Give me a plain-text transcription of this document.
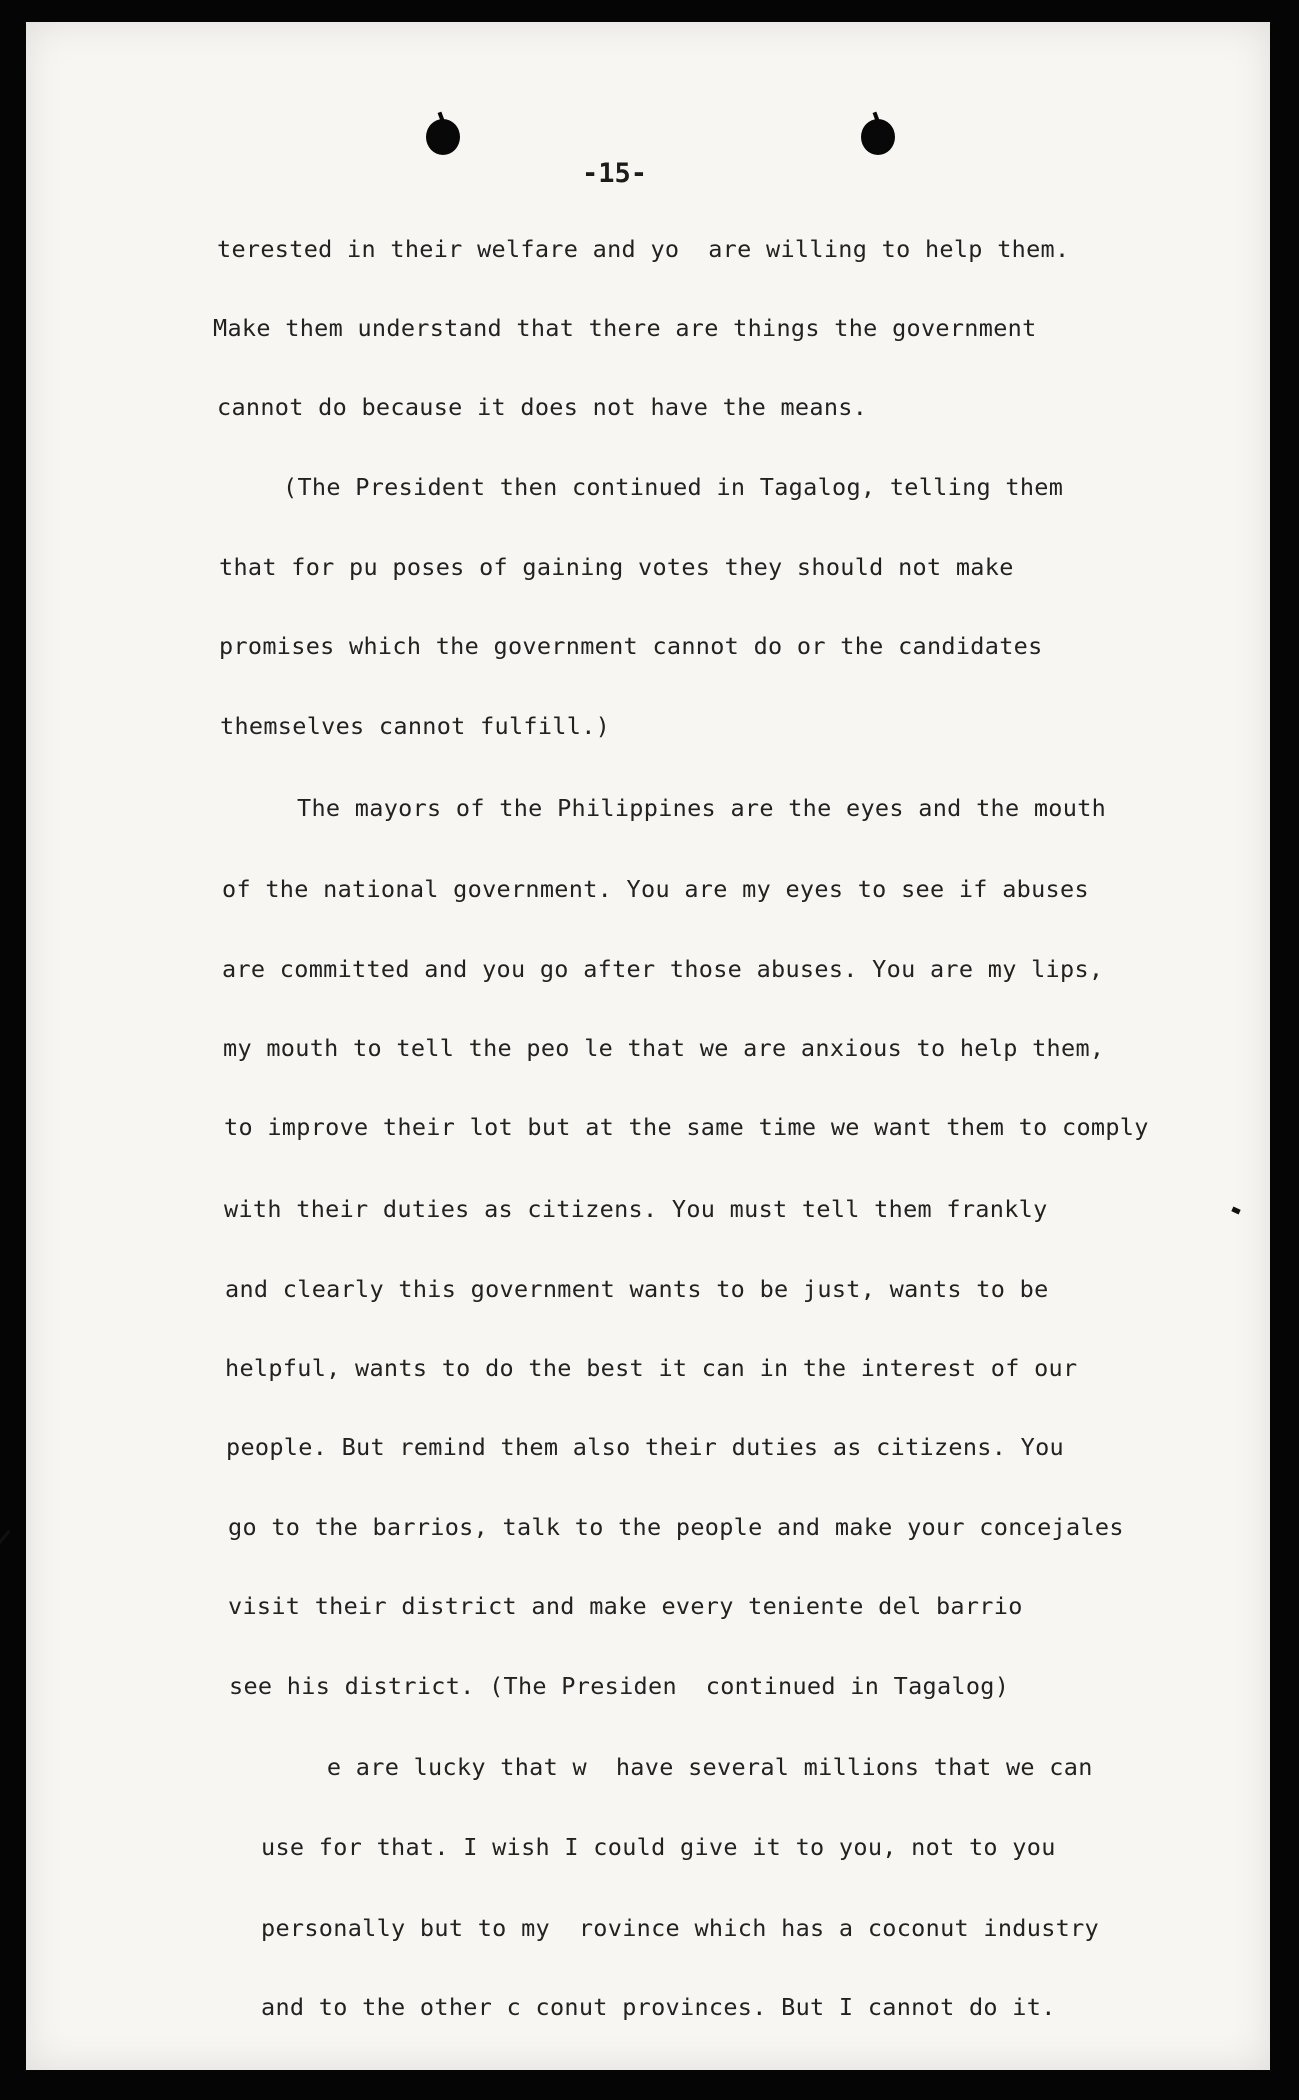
-15-
terested in their welfare and yo  are willing to help them.
Make them understand that there are things the government
cannot do because it does not have the means.
(The President then continued in Tagalog, telling them
that for pu poses of gaining votes they should not make
promises which the government cannot do or the candidates
themselves cannot fulfill.)
The mayors of the Philippines are the eyes and the mouth
of the national government. You are my eyes to see if abuses
are committed and you go after those abuses. You are my lips,
my mouth to tell the peo le that we are anxious to help them,
to improve their lot but at the same time we want them to comply
with their duties as citizens. You must tell them frankly
and clearly this government wants to be just, wants to be
helpful, wants to do the best it can in the interest of our
people. But remind them also their duties as citizens. You
go to the barrios, talk to the people and make your concejales
visit their district and make every teniente del barrio
see his district. (The Presiden  continued in Tagalog)
e are lucky that w  have several millions that we can
use for that. I wish I could give it to you, not to you
personally but to my  rovince which has a coconut industry
and to the other c conut provinces. But I cannot do it.
